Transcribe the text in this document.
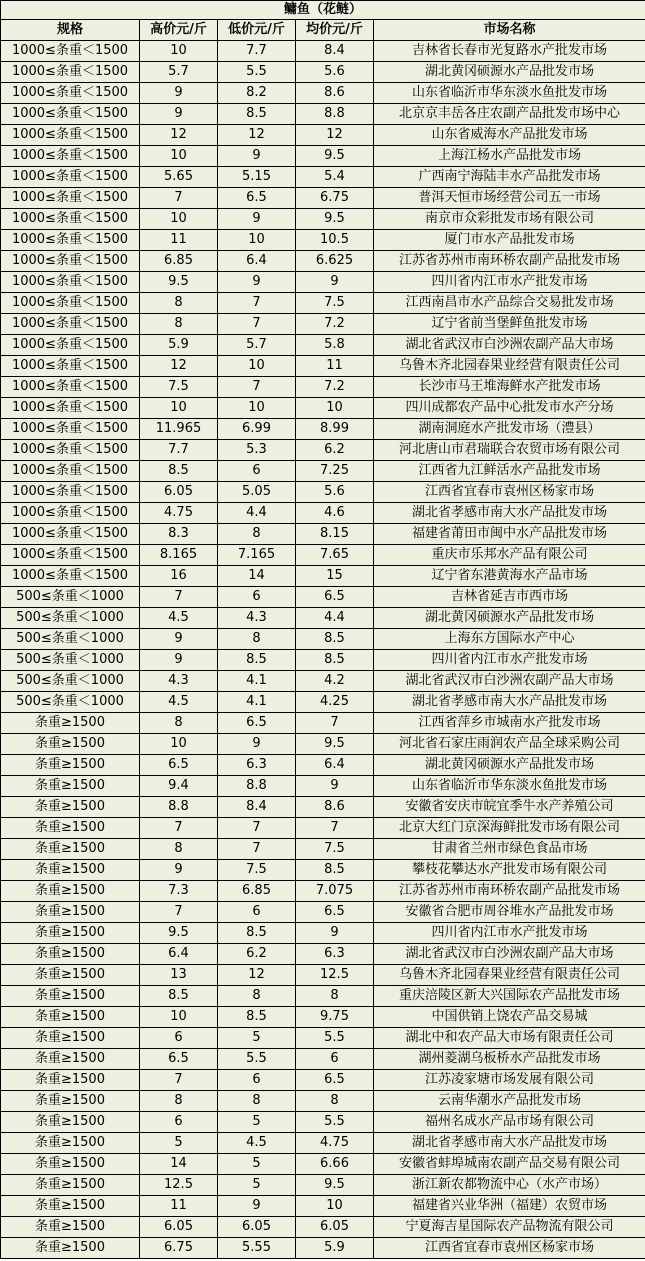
鳙鱼（花鲢）				
规格	高价元/斤	低价元/斤	均价元/斤	市场名称
1000≤条重＜1500	10	7.7	8.4	吉林省长春市光复路水产批发市场
1000≤条重＜1500	5.7	5.5	5.6	湖北黄冈硕源水产品批发市场
1000≤条重＜1500	9	8.2	8.6	山东省临沂市华东淡水鱼批发市场
1000≤条重＜1500	9	8.5	8.8	北京京丰岳各庄农副产品批发市场中心
1000≤条重＜1500	12	12	12	山东省威海水产品批发市场
1000≤条重＜1500	10	9	9.5	上海江杨水产品批发市场
1000≤条重＜1500	5.65	5.15	5.4	广西南宁海陆丰水产品批发市场
1000≤条重＜1500	7	6.5	6.75	普洱天恒市场经营公司五一市场
1000≤条重＜1500	10	9	9.5	南京市众彩批发市场有限公司
1000≤条重＜1500	11	10	10.5	厦门市水产品批发市场
1000≤条重＜1500	6.85	6.4	6.625	江苏省苏州市南环桥农副产品批发市场
1000≤条重＜1500	9.5	9	9	四川省内江市水产批发市场
1000≤条重＜1500	8	7	7.5	江西南昌市水产品综合交易批发市场
1000≤条重＜1500	8	7	7.2	辽宁省前当堡鲜鱼批发市场
1000≤条重＜1500	5.9	5.7	5.8	湖北省武汉市白沙洲农副产品大市场
1000≤条重＜1500	12	10	11	乌鲁木齐北园春果业经营有限责任公司
1000≤条重＜1500	7.5	7	7.2	长沙市马王堆海鲜水产批发市场
1000≤条重＜1500	10	10	10	四川成都农产品中心批发市水产分场
1000≤条重＜1500	11.965	6.99	8.99	湖南洞庭水产批发市场（澧县）
1000≤条重＜1500	7.7	5.3	6.2	河北唐山市君瑞联合农贸市场有限公司
1000≤条重＜1500	8.5	6	7.25	江西省九江鲜活水产品批发市场
1000≤条重＜1500	6.05	5.05	5.6	江西省宜春市袁州区杨家市场
1000≤条重＜1500	4.75	4.4	4.6	湖北省孝感市南大水产品批发市场
1000≤条重＜1500	8.3	8	8.15	福建省莆田市闽中水产品批发市场
1000≤条重＜1500	8.165	7.165	7.65	重庆市乐邦水产品有限公司
1000≤条重＜1500	16	14	15	辽宁省东港黄海水产品市场
500≤条重＜1000	7	6	6.5	吉林省延吉市西市场
500≤条重＜1000	4.5	4.3	4.4	湖北黄冈硕源水产品批发市场
500≤条重＜1000	9	8	8.5	上海东方国际水产中心
500≤条重＜1000	9	8.5	8.5	四川省内江市水产批发市场
500≤条重＜1000	4.3	4.1	4.2	湖北省武汉市白沙洲农副产品大市场
500≤条重＜1000	4.5	4.1	4.25	湖北省孝感市南大水产品批发市场
条重≥1500	8	6.5	7	江西省萍乡市城南水产批发市场
条重≥1500	10	9	9.5	河北省石家庄雨润农产品全球采购公司
条重≥1500	6.5	6.3	6.4	湖北黄冈硕源水产品批发市场
条重≥1500	9.4	8.8	9	山东省临沂市华东淡水鱼批发市场
条重≥1500	8.8	8.4	8.6	安徽省安庆市皖宜季牛水产养殖公司
条重≥1500	7	7	7	北京大红门京深海鲜批发市场有限公司
条重≥1500	8	7	7.5	甘肃省兰州市绿色食品市场
条重≥1500	9	7.5	8.5	攀枝花攀达水产批发市场有限公司
条重≥1500	7.3	6.85	7.075	江苏省苏州市南环桥农副产品批发市场
条重≥1500	7	6	6.5	安徽省合肥市周谷堆水产品批发市场
条重≥1500	9.5	8.5	9	四川省内江市水产批发市场
条重≥1500	6.4	6.2	6.3	湖北省武汉市白沙洲农副产品大市场
条重≥1500	13	12	12.5	乌鲁木齐北园春果业经营有限责任公司
条重≥1500	8.5	8	8	重庆涪陵区新大兴国际农产品批发市场
条重≥1500	10	8.5	9.75	中国供销上饶农产品交易城
条重≥1500	6	5	5.5	湖北中和农产品大市场有限责任公司
条重≥1500	6.5	5.5	6	湖州菱湖乌板桥水产品批发市场
条重≥1500	7	6	6.5	江苏凌家塘市场发展有限公司
条重≥1500	8	8	8	云南华潮水产品批发市场
条重≥1500	6	5	5.5	福州名成水产品市场有限公司
条重≥1500	5	4.5	4.75	湖北省孝感市南大水产品批发市场
条重≥1500	14	5	6.66	安徽省蚌埠城南农副产品交易有限公司
条重≥1500	12.5	5	9.5	浙江新农都物流中心（水产市场）
条重≥1500	11	9	10	福建省兴业华洲（福建）农贸市场
条重≥1500	6.05	6.05	6.05	宁夏海吉星国际农产品物流有限公司
条重≥1500	6.75	5.55	5.9	江西省宜春市袁州区杨家市场
